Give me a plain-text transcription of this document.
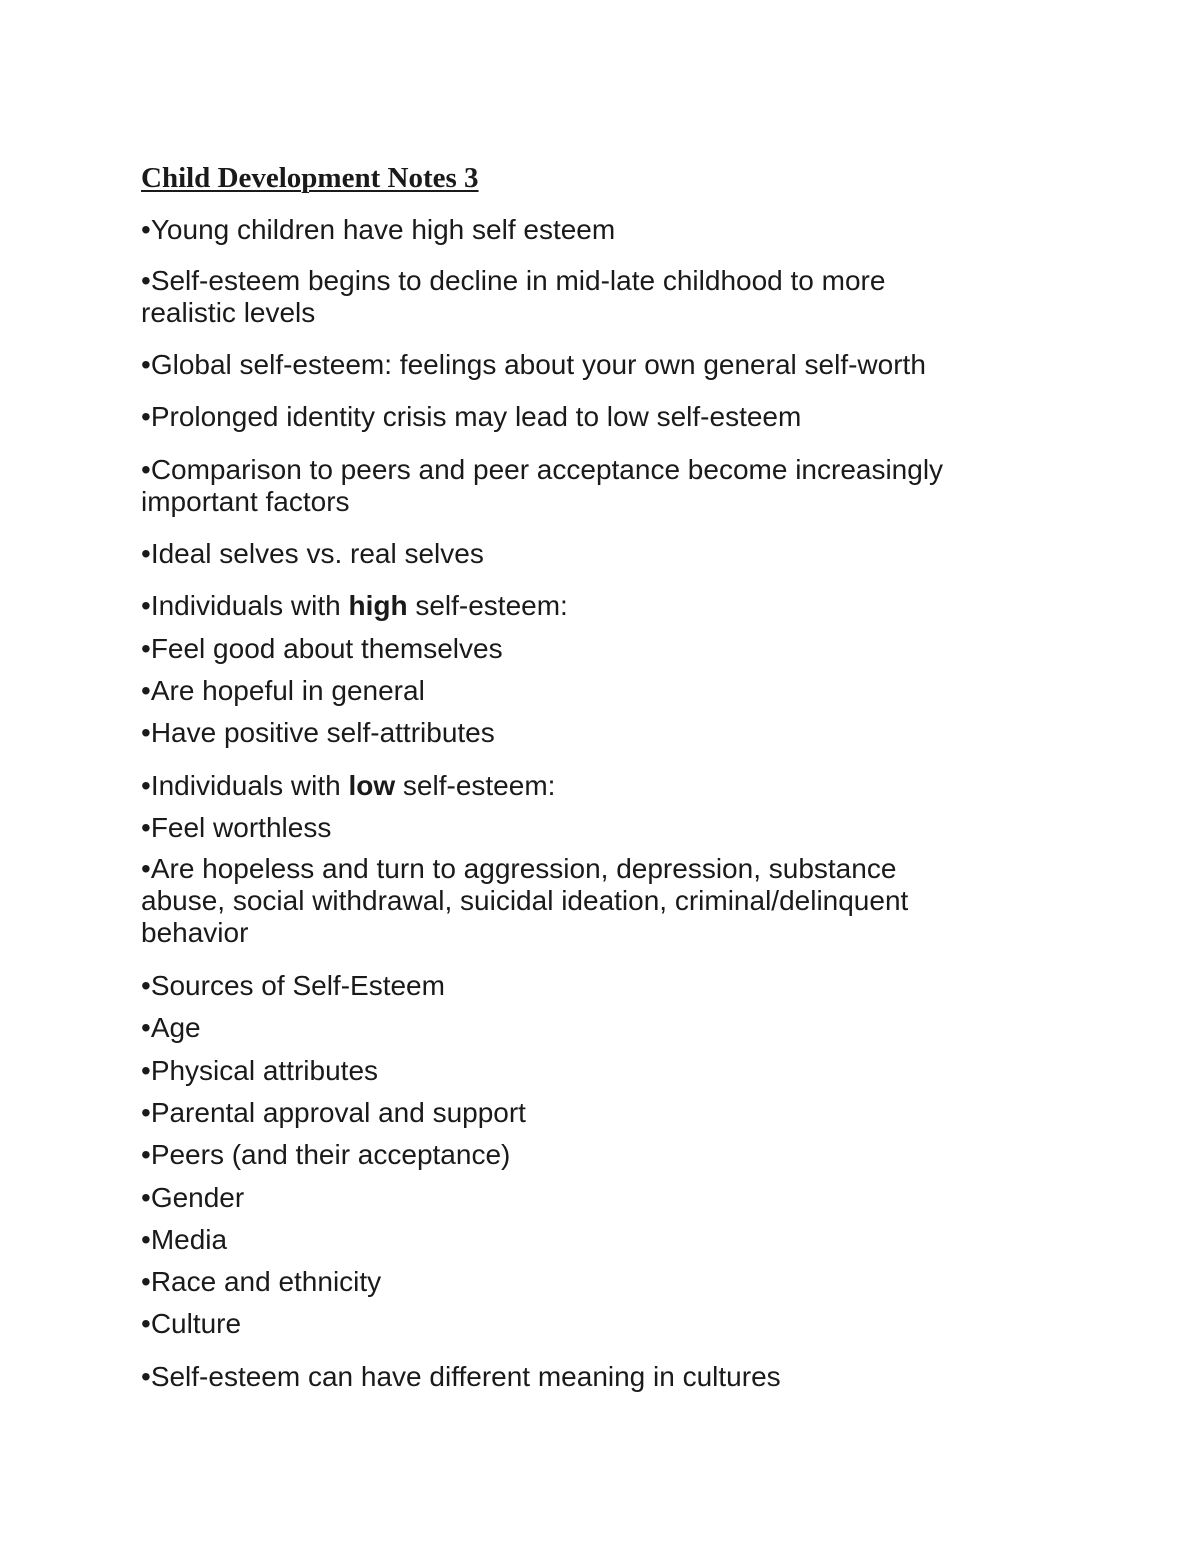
Child Development Notes 3
•Young children have high self esteem
•Self-esteem begins to decline in mid-late childhood to more
realistic levels
•Global self-esteem: feelings about your own general self-worth
•Prolonged identity crisis may lead to low self-esteem
•Comparison to peers and peer acceptance become increasingly
important factors
•Ideal selves vs. real selves
•Individuals with high self-esteem:
•Feel good about themselves
•Are hopeful in general
•Have positive self-attributes
•Individuals with low self-esteem:
•Feel worthless
•Are hopeless and turn to aggression, depression, substance
abuse, social withdrawal, suicidal ideation, criminal/delinquent
behavior
•Sources of Self-Esteem
•Age
•Physical attributes
•Parental approval and support
•Peers (and their acceptance)
•Gender
•Media
•Race and ethnicity
•Culture
•Self-esteem can have different meaning in cultures
